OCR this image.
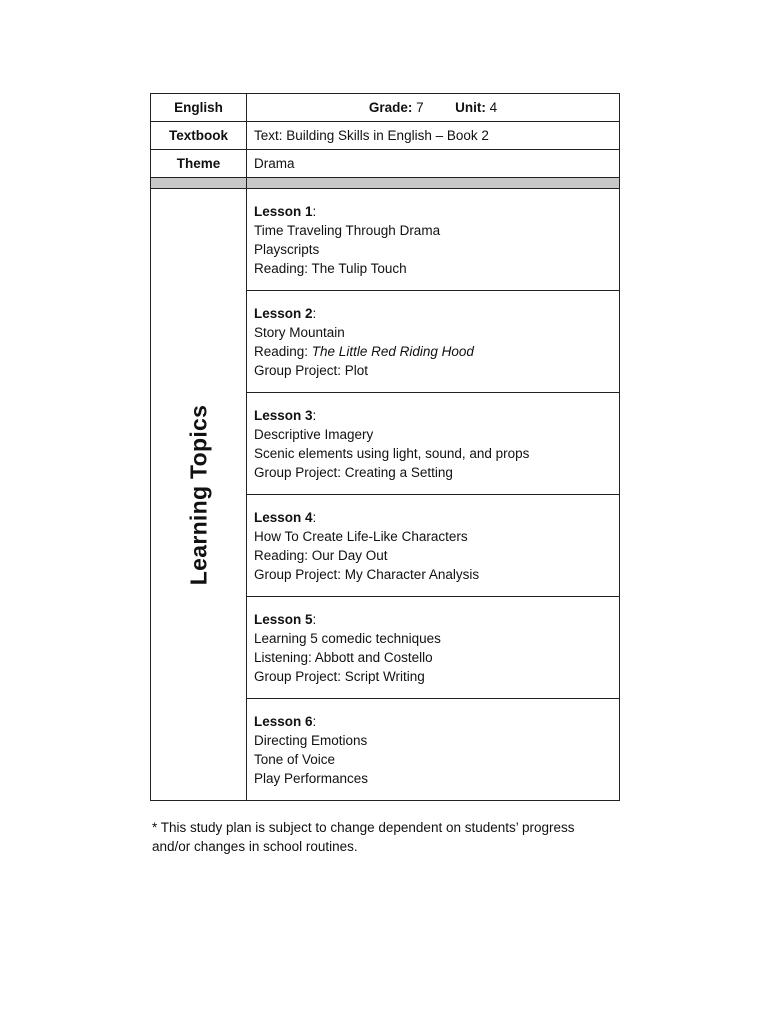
English	Grade: 7 Unit: 4
Textbook	Text: Building Skills in English – Book 2
Theme	Drama

Learning Topics	Lesson 1:
Time Traveling Through Drama
Playscripts
Reading: The Tulip Touch

	Lesson 2:
Story Mountain
Reading: The Little Red Riding Hood
Group Project: Plot

	Lesson 3:
Descriptive Imagery
Scenic elements using light, sound, and props
Group Project: Creating a Setting

	Lesson 4:
How To Create Life-Like Characters
Reading: Our Day Out
Group Project: My Character Analysis

	Lesson 5:
Learning 5 comedic techniques
Listening: Abbott and Costello
Group Project: Script Writing

	Lesson 6:
Directing Emotions
Tone of Voice
Play Performances
* This study plan is subject to change dependent on students’ progress
and/or changes in school routines.
